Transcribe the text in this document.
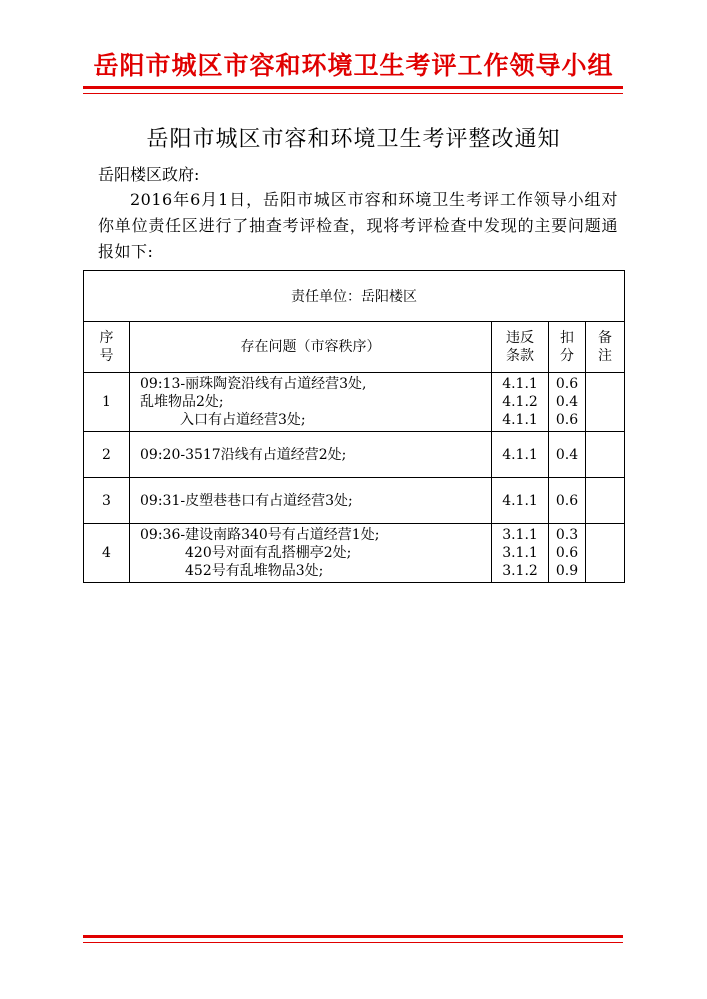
岳阳市城区市容和环境卫生考评工作领导小组
岳阳市城区市容和环境卫生考评整改通知
岳阳楼区政府:
2016年6月1日，岳阳市城区市容和环境卫生考评工作领导小组对你单位责任区进行了抽查考评检查，现将考评检查中发现的主要问题通报如下:
责任单位：岳阳楼区				

序
号	存在问题（市容秩序）	违反
条款	扣
分	备
注

1	09:13-丽珠陶瓷沿线有占道经营3处,
乱堆物品2处;
入口有占道经营3处;	4.1.1
4.1.2
4.1.1	0.6
0.4
0.6	

2	09:20-3517沿线有占道经营2处;	4.1.1	0.4	

3	09:31-皮塑巷巷口有占道经营3处;	4.1.1	0.6	

4	09:36-建设南路340号有占道经营1处;
420号对面有乱搭棚亭2处;
452号有乱堆物品3处;	3.1.1
3.1.1
3.1.2	0.3
0.6
0.9	
